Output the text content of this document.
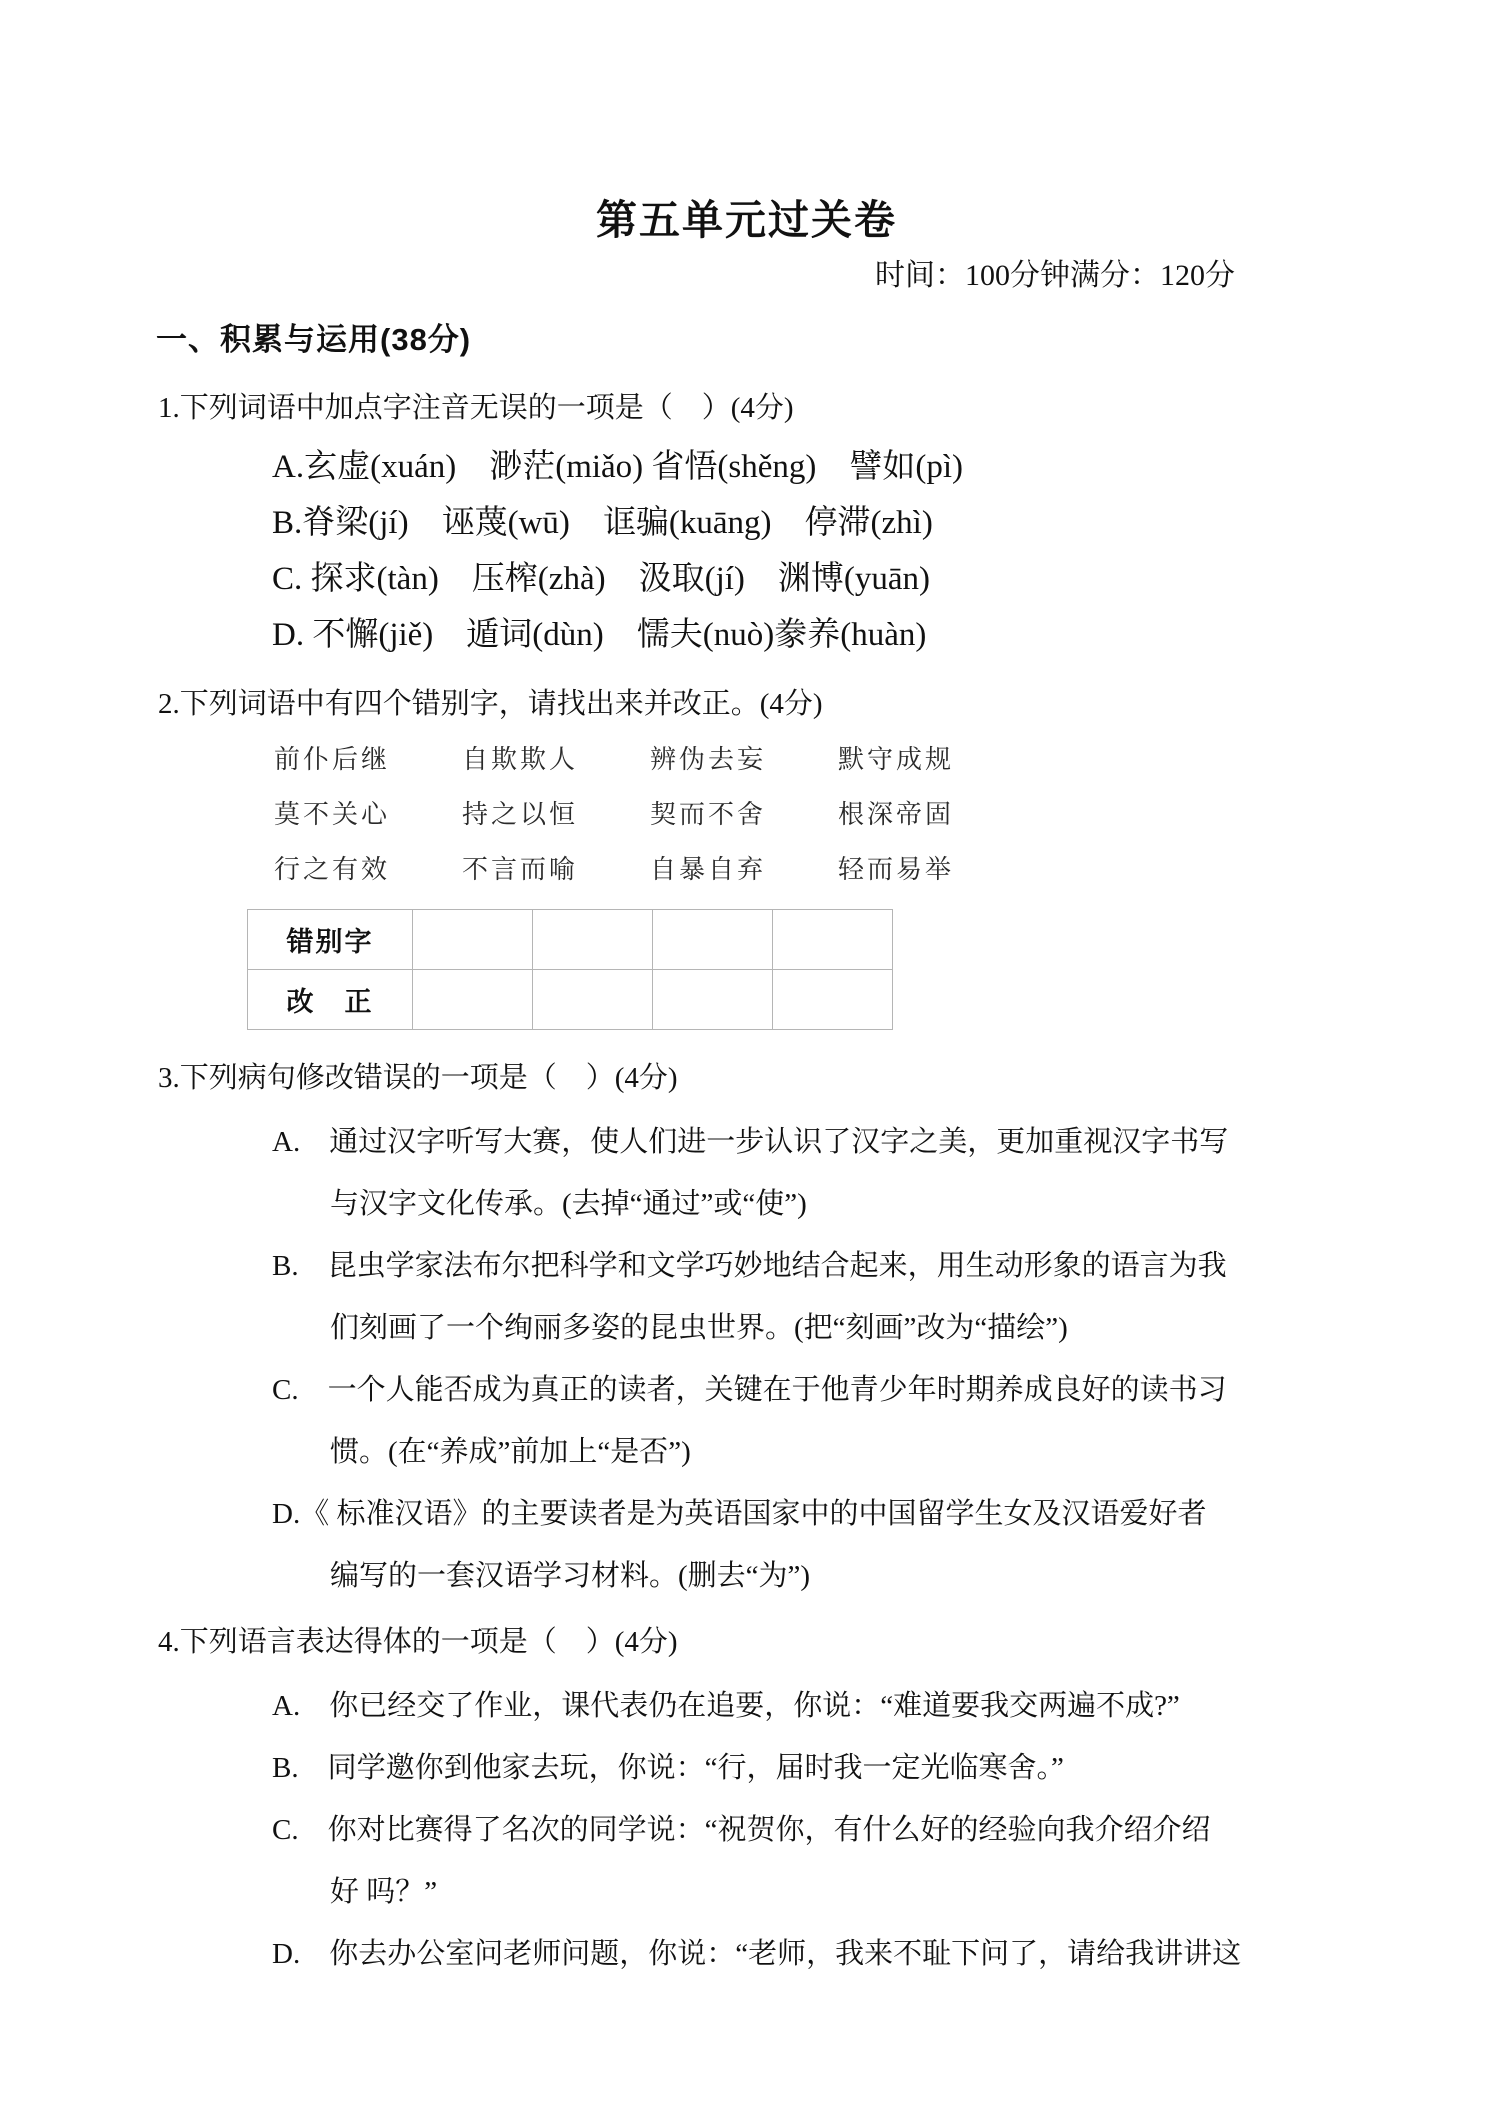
第五单元过关卷
时间：100分钟满分：120分
一、积累与运用(38分)
1.下列词语中加点字注音无误的一项是（　）(4分)
A.玄虚(xuán)　渺茫(miǎo) 省悟(shěng)　譬如(pì)
B.脊梁(jí)　诬蔑(wū)　诓骗(kuāng)　停滞(zhì)
C. 探求(tàn)　压榨(zhà)　汲取(jí)　渊博(yuān)
D. 不懈(jiě)　遁词(dùn)　懦夫(nuò)豢养(huàn)
2.下列词语中有四个错别字，请找出来并改正。(4分)
前仆后继	自欺欺人	辨伪去妄	默守成规
莫不关心	持之以恒	契而不舍	根深帝固
行之有效	不言而喻	自暴自弃	轻而易举
错别字				
改　正				
3.下列病句修改错误的一项是（　）(4分)
A.　通过汉字听写大赛，使人们进一步认识了汉字之美，更加重视汉字书写
与汉字文化传承。(去掉“通过”或“使”)
B.　昆虫学家法布尔把科学和文学巧妙地结合起来，用生动形象的语言为我
们刻画了一个绚丽多姿的昆虫世界。(把“刻画”改为“描绘”)
C.　一个人能否成为真正的读者，关键在于他青少年时期养成良好的读书习
惯。(在“养成”前加上“是否”)
D.《 标准汉语》的主要读者是为英语国家中的中国留学生女及汉语爱好者
编写的一套汉语学习材料。(删去“为”)
4.下列语言表达得体的一项是（　）(4分)
A.　你已经交了作业，课代表仍在追要，你说：“难道要我交两遍不成?”
B.　同学邀你到他家去玩，你说：“行，届时我一定光临寒舍。”
C.　你对比赛得了名次的同学说：“祝贺你，有什么好的经验向我介绍介绍
好 吗？”
D.　你去办公室问老师问题，你说：“老师，我来不耻下问了，请给我讲讲这
